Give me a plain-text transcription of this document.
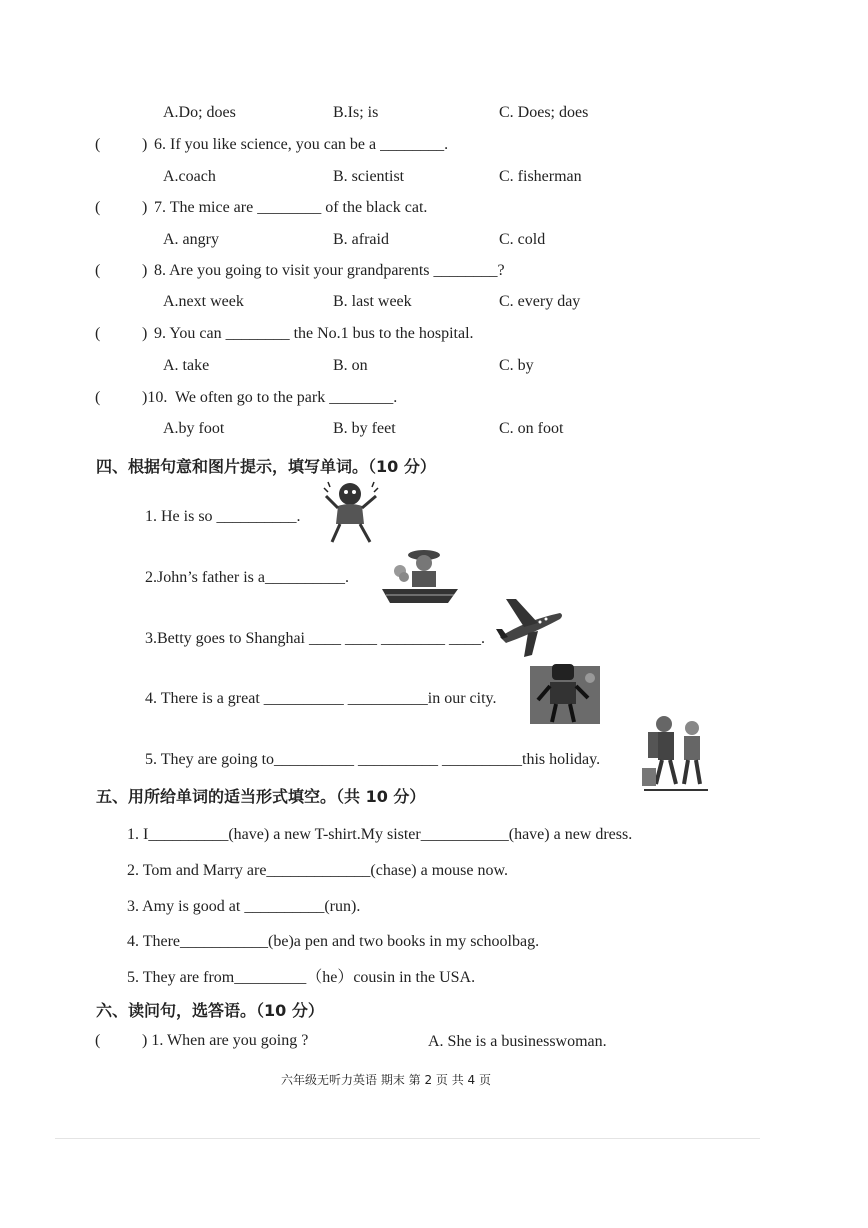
A.Do; does	B.Is; is	C. Does; does
(	) 6. If you like science, you can be a ________.
A.coach	B. scientist	C. fisherman
(	) 7. The mice are ________ of the black cat.
A. angry	B. afraid	C. cold
(	) 8. Are you going to visit your grandparents ________?
A.next week	B. last week	C. every day
(	) 9. You can ________ the No.1 bus to the hospital.
A. take	B. on	C. by
(	)10. We often go to the park ________.
A.by foot	B. by feet	C. on foot
四、根据句意和图片提示，填写单词。（10 分）
1. He is so __________.
2.John’s father is a__________.
3.Betty goes to Shanghai ____ ____ ________ ____.
4. There is a great __________ __________in our city.
5. They are going to__________ __________ __________this holiday.
五、用所给单词的适当形式填空。（共 10 分）
1. I__________(have) a new T-shirt.My sister___________(have) a new dress.
2. Tom and Marry are_____________(chase) a mouse now.
3. Amy is good at __________(run).
4. There___________(be)a pen and two books in my schoolbag.
5. They are from_________（he）cousin in the USA.
六、读问句，选答语。（10 分）
(	) 1. When are you going ?	A. She is a businesswoman.
六年级无听力英语 期末 第 2 页 共 4 页
